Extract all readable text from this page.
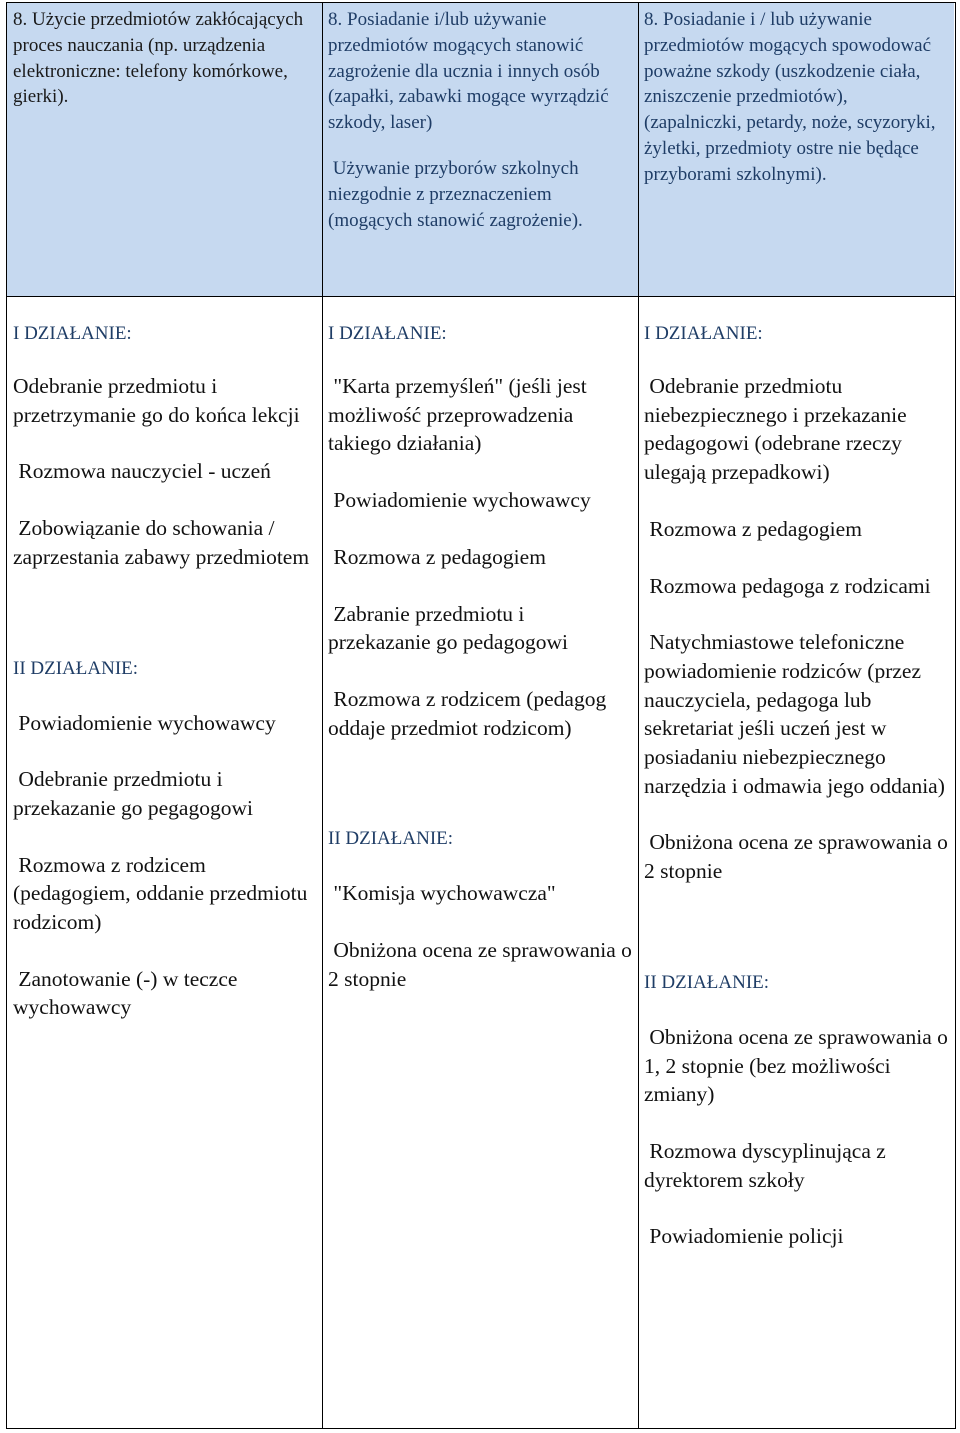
8. Użycie przedmiotów zakłócających proces nauczania (np. urządzenia elektroniczne: telefony komórkowe, gierki).
8. Posiadanie i/lub używanie przedmiotów mogących stanowić zagrożenie dla ucznia i innych osób (zapałki, zabawki mogące wyrządzić szkody, laser)
Używanie przyborów szkolnych niezgodnie z przeznaczeniem (mogących stanowić zagrożenie).
8. Posiadanie i / lub używanie przedmiotów mogących spowodować poważne szkody (uszkodzenie ciała, zniszczenie przedmiotów), (zapalniczki, petardy, noże, scyzoryki, żyletki, przedmioty ostre nie będące przyborami szkolnymi).
I DZIAŁANIE:
Odebranie przedmiotu i przetrzymanie go do końca lekcji
Rozmowa nauczyciel - uczeń
Zobowiązanie do schowania / zaprzestania zabawy przedmiotem
II DZIAŁANIE:
Powiadomienie wychowawcy
Odebranie przedmiotu i przekazanie go pegagogowi
Rozmowa z rodzicem (pedagogiem, oddanie przedmiotu rodzicom)
Zanotowanie (-) w teczce wychowawcy
I DZIAŁANIE:
"Karta przemyśleń" (jeśli jest możliwość przeprowadzenia takiego działania)
Powiadomienie wychowawcy
Rozmowa z pedagogiem
Zabranie przedmiotu i przekazanie go pedagogowi
Rozmowa z rodzicem (pedagog oddaje przedmiot rodzicom)
II DZIAŁANIE:
"Komisja wychowawcza"
Obniżona ocena ze sprawowania o 2 stopnie
I DZIAŁANIE:
Odebranie przedmiotu niebezpiecznego i przekazanie pedagogowi (odebrane rzeczy ulegają przepadkowi)
Rozmowa z pedagogiem
Rozmowa pedagoga z rodzicami
Natychmiastowe telefoniczne powiadomienie rodziców (przez nauczyciela, pedagoga lub sekretariat jeśli uczeń jest w posiadaniu niebezpiecznego narzędzia i odmawia jego oddania)
Obniżona ocena ze sprawowania o 2 stopnie
II DZIAŁANIE:
Obniżona ocena ze sprawowania o 1, 2 stopnie (bez możliwości zmiany)
Rozmowa dyscyplinująca z dyrektorem szkoły
Powiadomienie policji
